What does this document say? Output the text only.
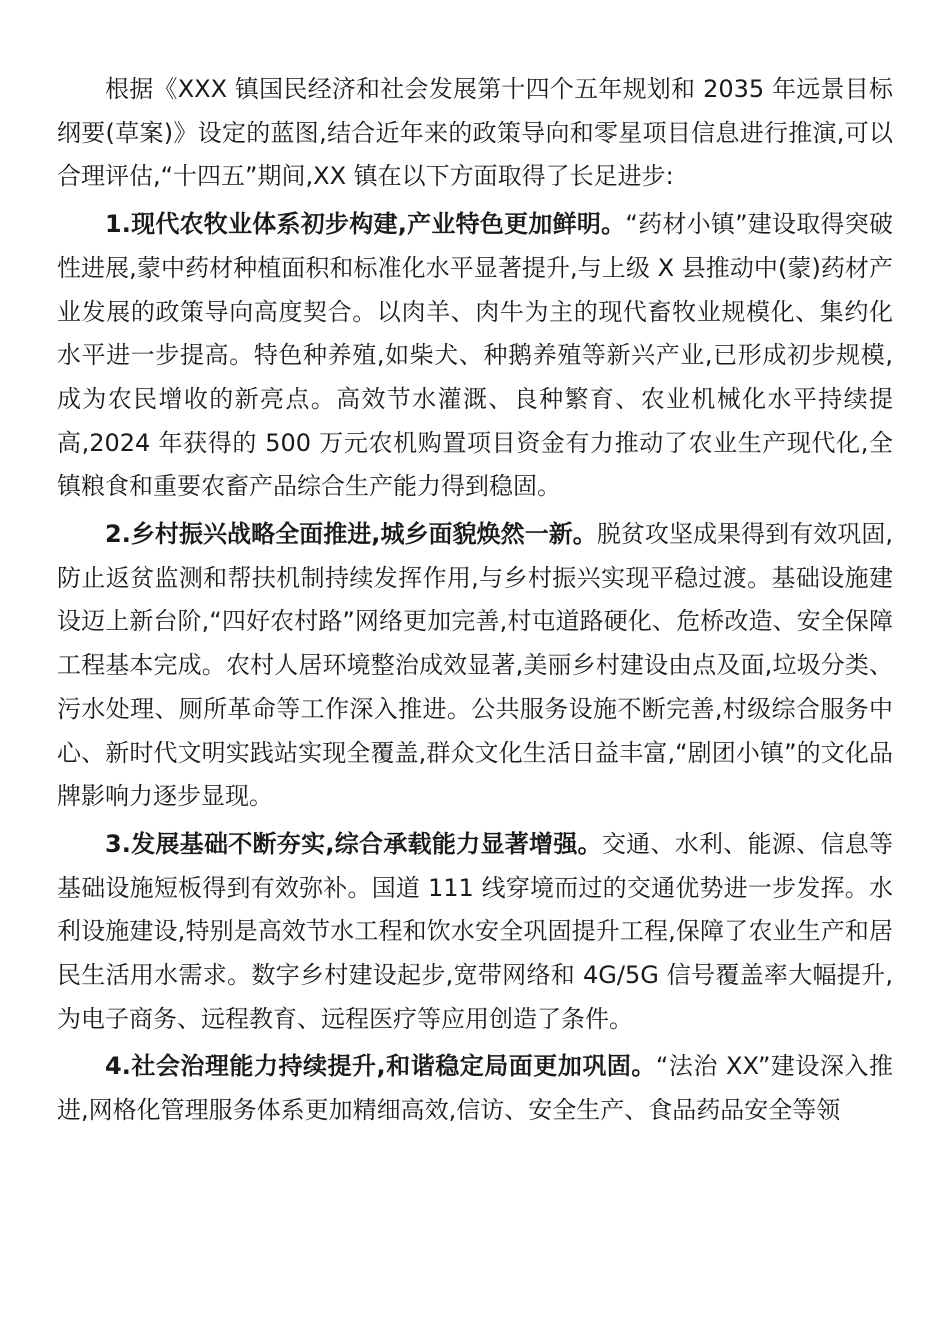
根据《XXX 镇国民经济和社会发展第十四个五年规划和 2035 年远景目标纲要(草案)》设定的蓝图,结合近年来的政策导向和零星项目信息进行推演,可以合理评估,“十四五”期间,XX 镇在以下方面取得了长足进步:

1.现代农牧业体系初步构建,产业特色更加鲜明。“药材小镇”建设取得突破性进展,蒙中药材种植面积和标准化水平显著提升,与上级 X 县推动中(蒙)药材产业发展的政策导向高度契合。以肉羊、肉牛为主的现代畜牧业规模化、集约化水平进一步提高。特色种养殖,如柴犬、种鹅养殖等新兴产业,已形成初步规模,成为农民增收的新亮点。高效节水灌溉、良种繁育、农业机械化水平持续提高,2024 年获得的 500 万元农机购置项目资金有力推动了农业生产现代化,全镇粮食和重要农畜产品综合生产能力得到稳固。

2.乡村振兴战略全面推进,城乡面貌焕然一新。脱贫攻坚成果得到有效巩固,防止返贫监测和帮扶机制持续发挥作用,与乡村振兴实现平稳过渡。基础设施建设迈上新台阶,“四好农村路”网络更加完善,村屯道路硬化、危桥改造、安全保障工程基本完成。农村人居环境整治成效显著,美丽乡村建设由点及面,垃圾分类、污水处理、厕所革命等工作深入推进。公共服务设施不断完善,村级综合服务中心、新时代文明实践站实现全覆盖,群众文化生活日益丰富,“剧团小镇”的文化品牌影响力逐步显现。

3.发展基础不断夯实,综合承载能力显著增强。交通、水利、能源、信息等基础设施短板得到有效弥补。国道 111 线穿境而过的交通优势进一步发挥。水利设施建设,特别是高效节水工程和饮水安全巩固提升工程,保障了农业生产和居民生活用水需求。数字乡村建设起步,宽带网络和 4G/5G 信号覆盖率大幅提升,为电子商务、远程教育、远程医疗等应用创造了条件。

4.社会治理能力持续提升,和谐稳定局面更加巩固。“法治 XX”建设深入推进,网格化管理服务体系更加精细高效,信访、安全生产、食品药品安全等领
